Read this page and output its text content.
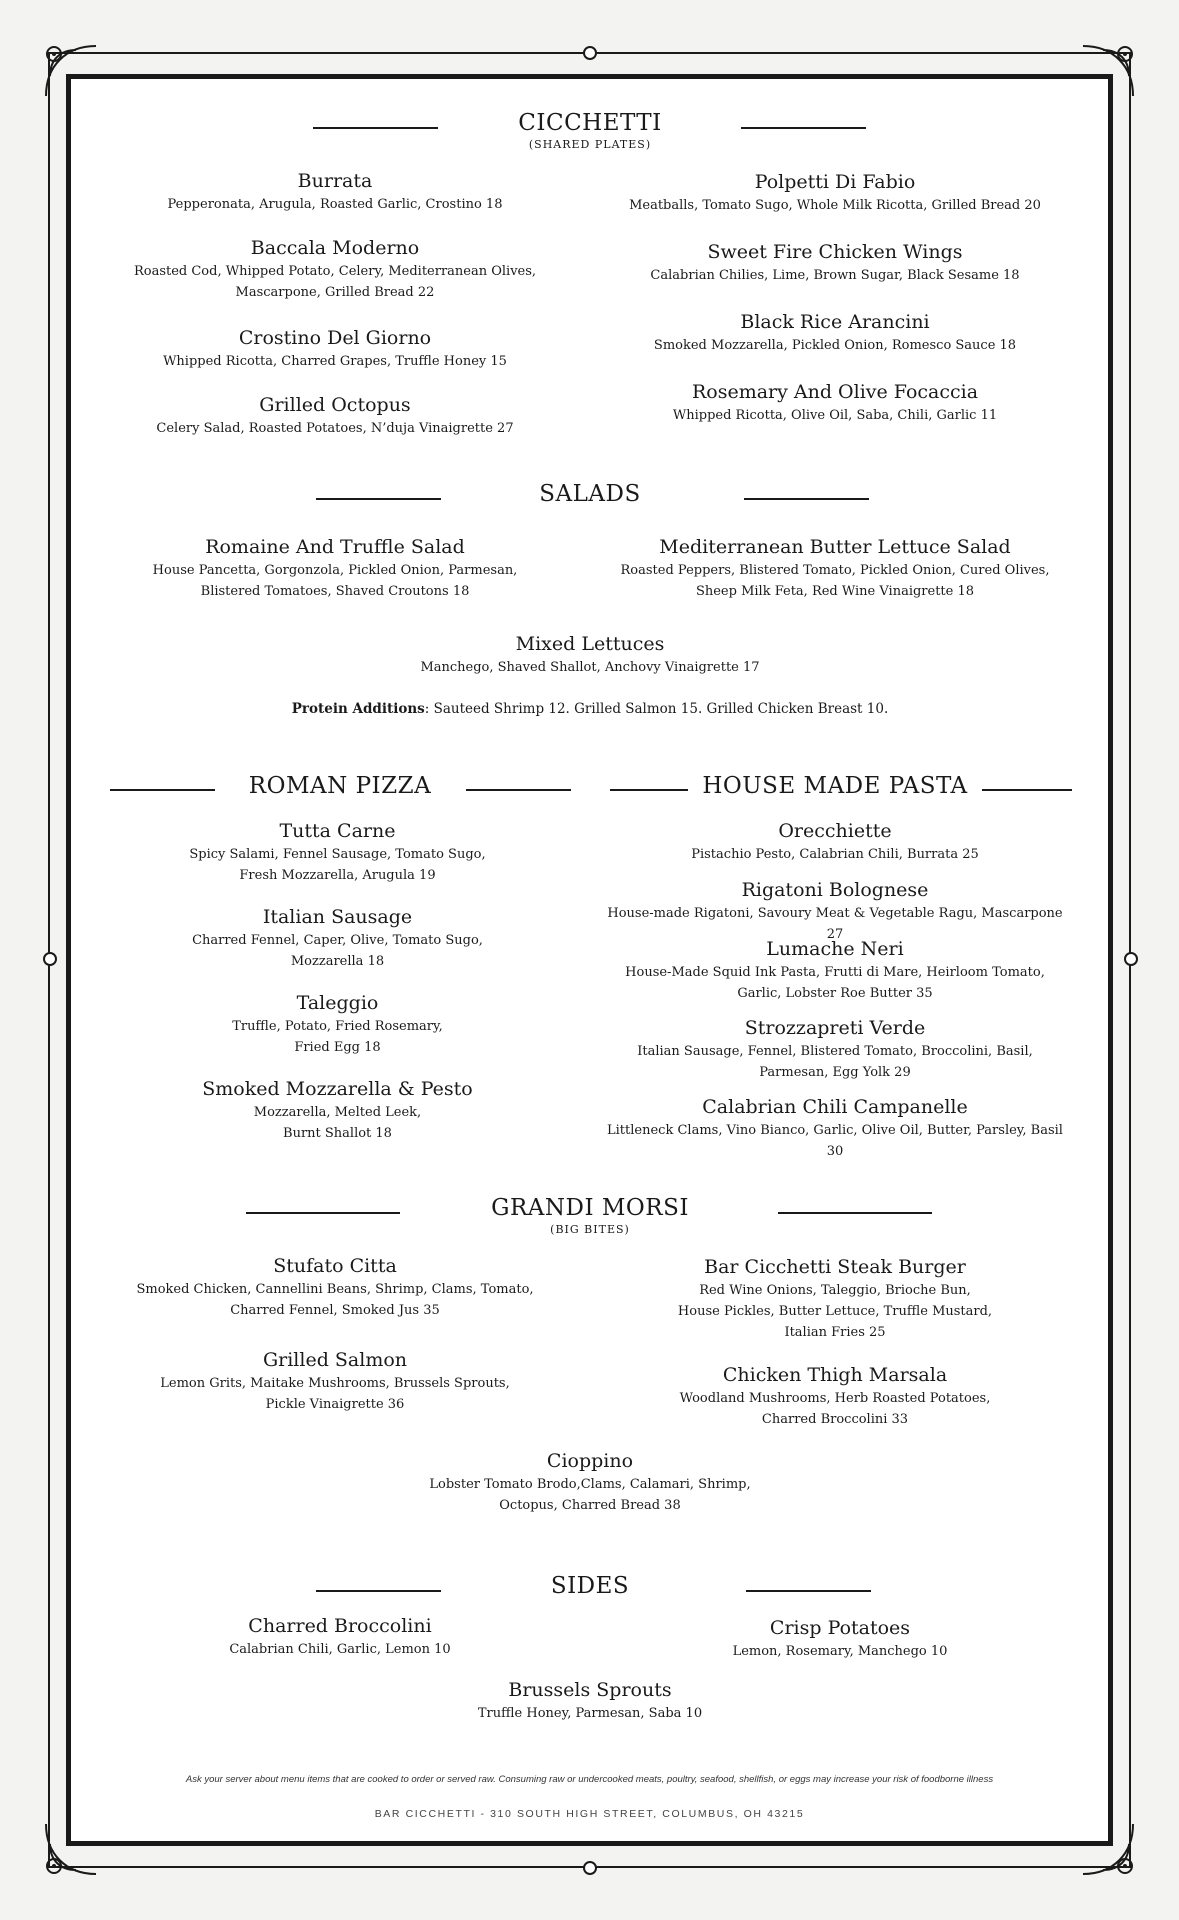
CICCHETTI
(SHARED PLATES)
Burrata
Pepperonata, Arugula, Roasted Garlic, Crostino 18
Baccala Moderno
Roasted Cod, Whipped Potato, Celery, Mediterranean Olives,
Mascarpone, Grilled Bread 22
Crostino Del Giorno
Whipped Ricotta, Charred Grapes, Truffle Honey 15
Grilled Octopus
Celery Salad, Roasted Potatoes, N’duja Vinaigrette 27
Polpetti Di Fabio
Meatballs, Tomato Sugo, Whole Milk Ricotta, Grilled Bread 20
Sweet Fire Chicken Wings
Calabrian Chilies, Lime, Brown Sugar, Black Sesame 18
Black Rice Arancini
Smoked Mozzarella, Pickled Onion, Romesco Sauce 18
Rosemary And Olive Focaccia
Whipped Ricotta, Olive Oil, Saba, Chili, Garlic 11
SALADS
Romaine And Truffle Salad
House Pancetta, Gorgonzola, Pickled Onion, Parmesan,
Blistered Tomatoes, Shaved Croutons 18
Mediterranean Butter Lettuce Salad
Roasted Peppers, Blistered Tomato, Pickled Onion, Cured Olives,
Sheep Milk Feta, Red Wine Vinaigrette 18
Mixed Lettuces
Manchego, Shaved Shallot, Anchovy Vinaigrette 17
Protein Additions: Sauteed Shrimp 12. Grilled Salmon 15. Grilled Chicken Breast 10.
ROMAN PIZZA
Tutta Carne
Spicy Salami, Fennel Sausage, Tomato Sugo,
Fresh Mozzarella, Arugula 19
Italian Sausage
Charred Fennel, Caper, Olive, Tomato Sugo,
Mozzarella 18
Taleggio
Truffle, Potato, Fried Rosemary,
Fried Egg 18
Smoked Mozzarella & Pesto
Mozzarella, Melted Leek,
Burnt Shallot 18
HOUSE MADE PASTA
Orecchiette
Pistachio Pesto, Calabrian Chili, Burrata 25
Rigatoni Bolognese
House-made Rigatoni, Savoury Meat & Vegetable Ragu, Mascarpone 27
Lumache Neri
House-Made Squid Ink Pasta, Frutti di Mare, Heirloom Tomato,
Garlic, Lobster Roe Butter 35
Strozzapreti Verde
Italian Sausage, Fennel, Blistered Tomato, Broccolini, Basil,
Parmesan, Egg Yolk 29
Calabrian Chili Campanelle
Littleneck Clams, Vino Bianco, Garlic, Olive Oil, Butter, Parsley, Basil 30
GRANDI MORSI
(BIG BITES)
Stufato Citta
Smoked Chicken, Cannellini Beans, Shrimp, Clams, Tomato,
Charred Fennel, Smoked Jus 35
Grilled Salmon
Lemon Grits, Maitake Mushrooms, Brussels Sprouts,
Pickle Vinaigrette 36
Bar Cicchetti Steak Burger
Red Wine Onions, Taleggio, Brioche Bun,
House Pickles, Butter Lettuce, Truffle Mustard,
Italian Fries 25
Chicken Thigh Marsala
Woodland Mushrooms, Herb Roasted Potatoes,
Charred Broccolini 33
Cioppino
Lobster Tomato Brodo,Clams, Calamari, Shrimp,
Octopus, Charred Bread 38
SIDES
Charred Broccolini
Calabrian Chili, Garlic, Lemon 10
Crisp Potatoes
Lemon, Rosemary, Manchego 10
Brussels Sprouts
Truffle Honey, Parmesan, Saba 10
Ask your server about menu items that are cooked to order or served raw. Consuming raw or undercooked meats, poultry, seafood, shellfish, or eggs may increase your risk of foodborne illness
BAR CICCHETTI - 310 SOUTH HIGH STREET, COLUMBUS, OH 43215
